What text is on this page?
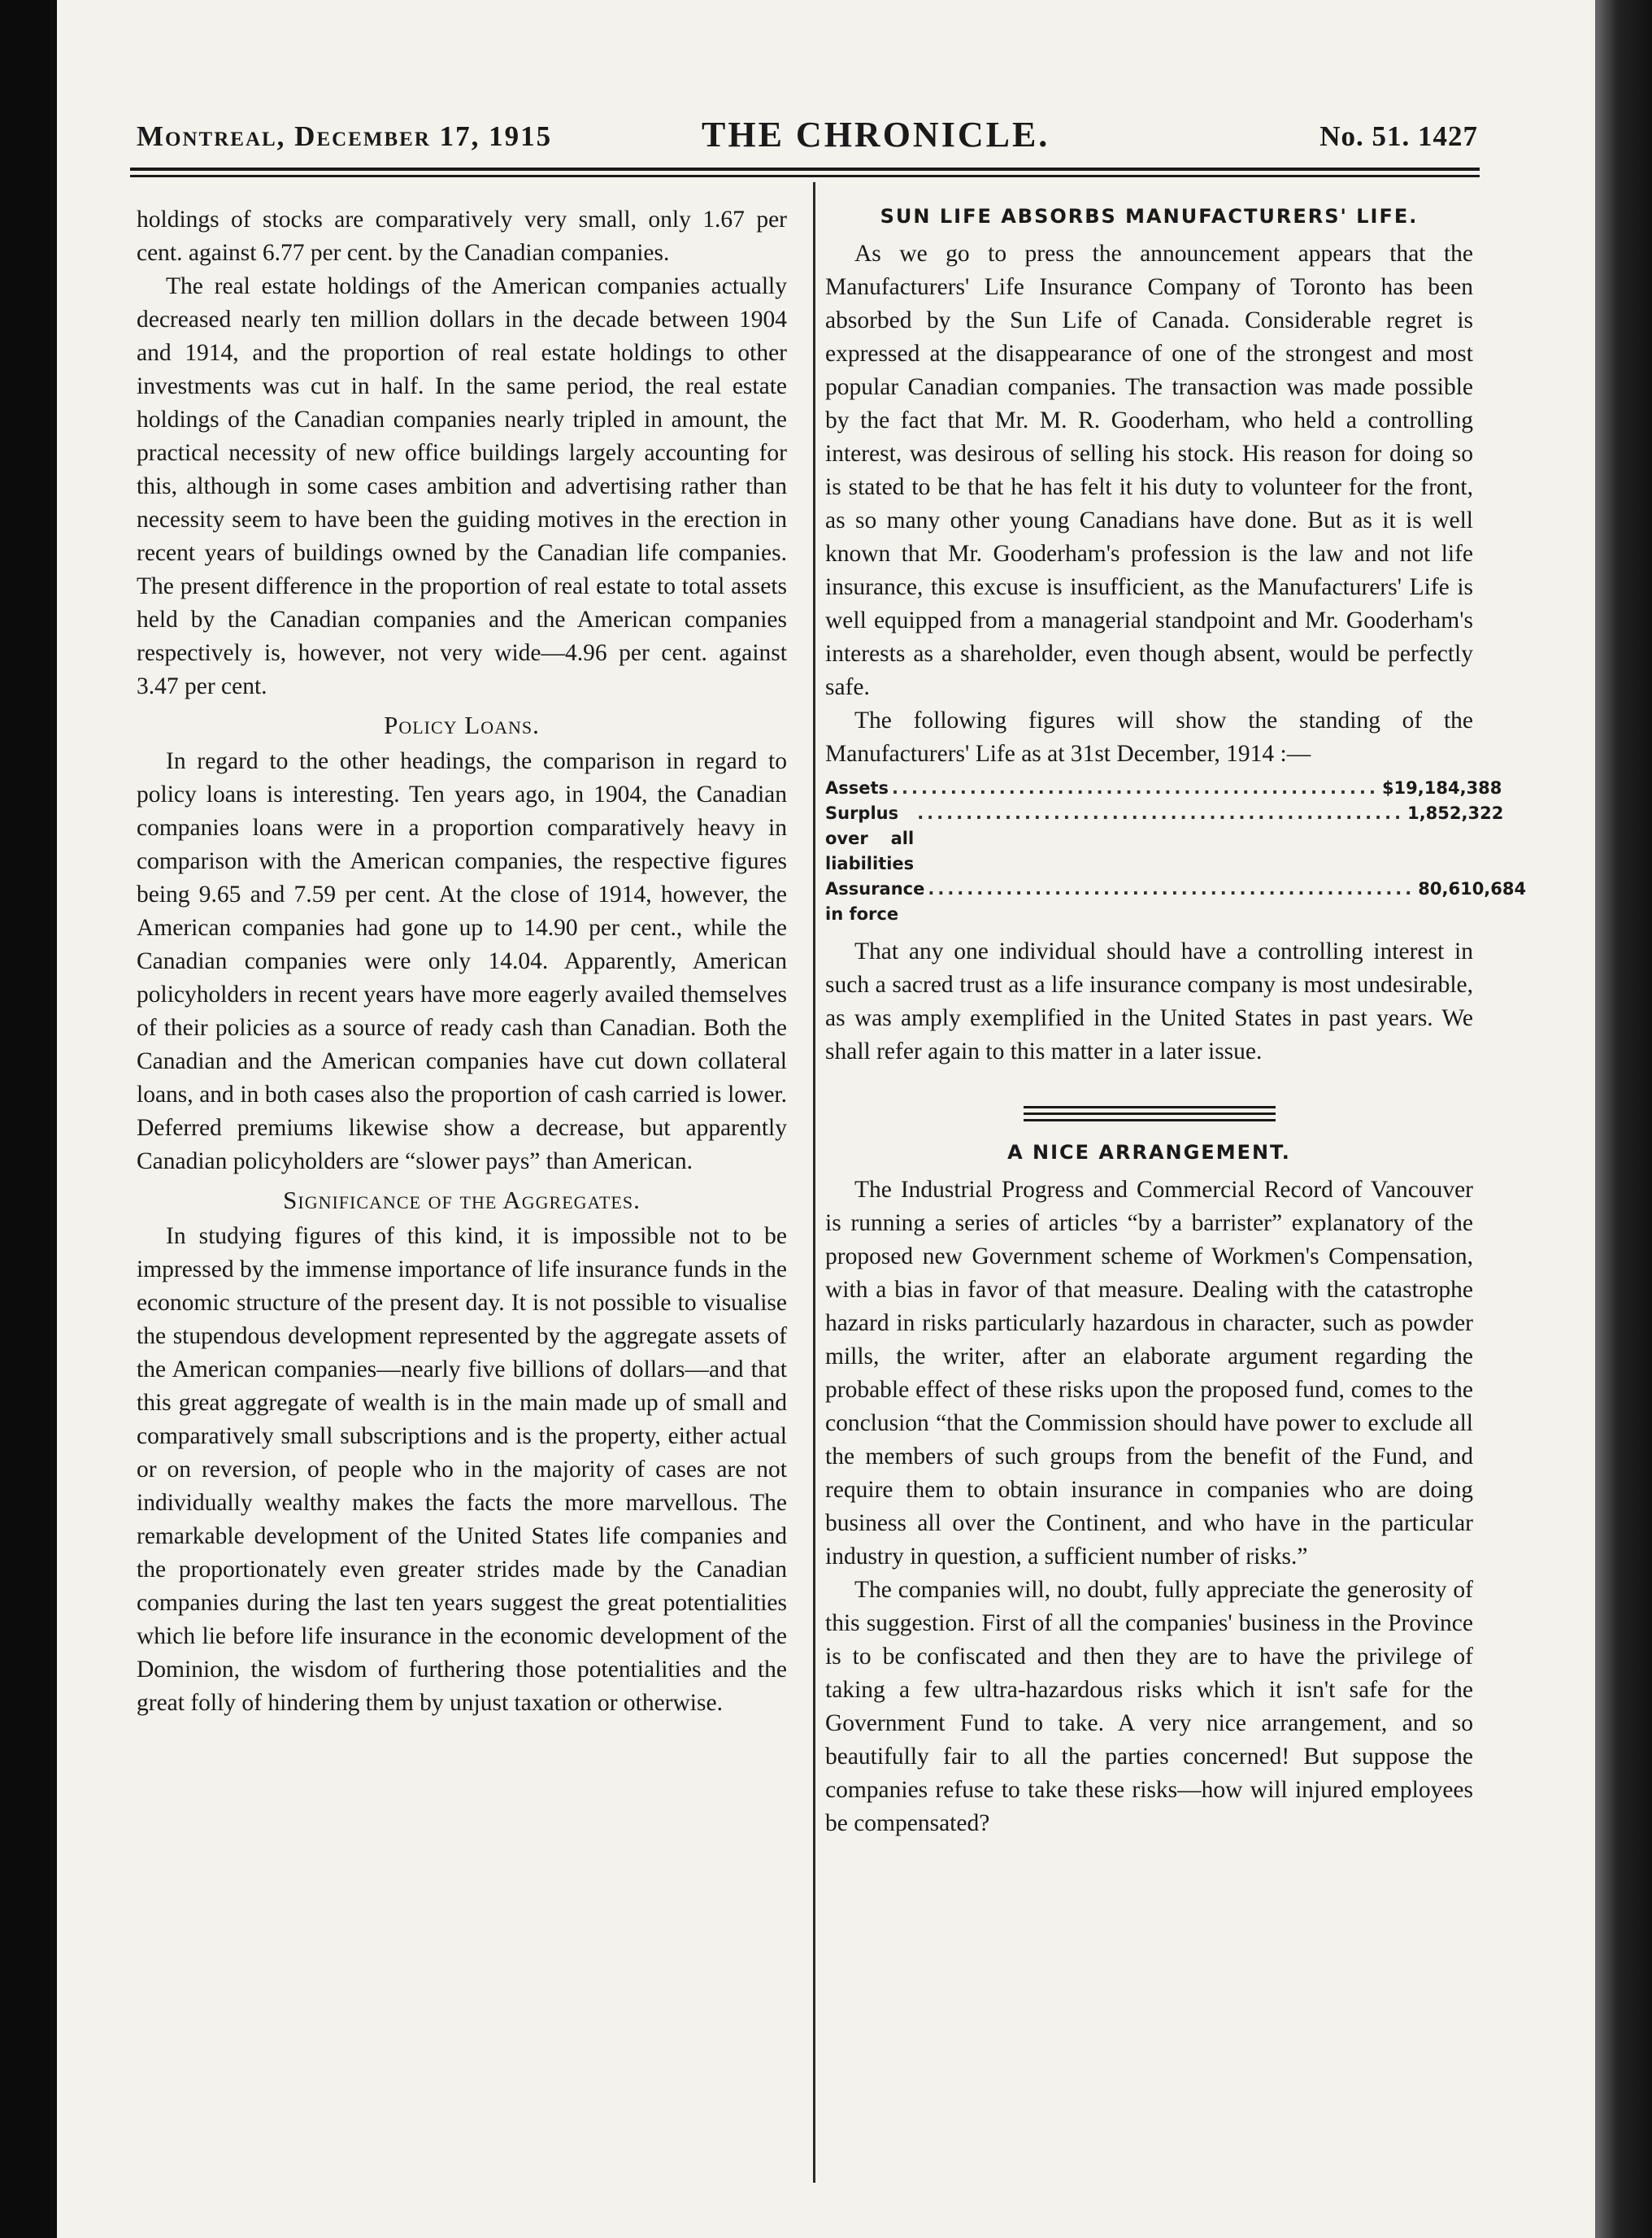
Montreal, December 17, 1915	THE CHRONICLE.	No. 51. 1427

holdings of stocks are comparatively very small, only 1.67 per cent. against 6.77 per cent. by the Canadian companies.

The real estate holdings of the American companies actually decreased nearly ten million dollars in the decade between 1904 and 1914, and the proportion of real estate holdings to other investments was cut in half. In the same period, the real estate holdings of the Canadian companies nearly tripled in amount, the practical necessity of new office buildings largely accounting for this, although in some cases ambition and advertising rather than necessity seem to have been the guiding motives in the erection in recent years of buildings owned by the Canadian life companies. The present difference in the proportion of real estate to total assets held by the Canadian companies and the American companies respectively is, however, not very wide—4.96 per cent. against 3.47 per cent.

Policy Loans.

In regard to the other headings, the comparison in regard to policy loans is interesting. Ten years ago, in 1904, the Canadian companies loans were in a proportion comparatively heavy in comparison with the American companies, the respective figures being 9.65 and 7.59 per cent. At the close of 1914, however, the American companies had gone up to 14.90 per cent., while the Canadian companies were only 14.04. Apparently, American policyholders in recent years have more eagerly availed themselves of their policies as a source of ready cash than Canadian. Both the Canadian and the American companies have cut down collateral loans, and in both cases also the proportion of cash carried is lower. Deferred premiums likewise show a decrease, but apparently Canadian policyholders are “slower pays” than American.

Significance of the Aggregates.

In studying figures of this kind, it is impossible not to be impressed by the immense importance of life insurance funds in the economic structure of the present day. It is not possible to visualise the stupendous development represented by the aggregate assets of the American companies—nearly five billions of dollars—and that this great aggregate of wealth is in the main made up of small and comparatively small subscriptions and is the property, either actual or on reversion, of people who in the majority of cases are not individually wealthy makes the facts the more marvellous. The remarkable development of the United States life companies and the proportionately even greater strides made by the Canadian companies during the last ten years suggest the great potentialities which lie before life insurance in the economic development of the Dominion, the wisdom of furthering those potentialities and the great folly of hindering them by unjust taxation or otherwise.

SUN LIFE ABSORBS MANUFACTURERS' LIFE.

As we go to press the announcement appears that the Manufacturers' Life Insurance Company of Toronto has been absorbed by the Sun Life of Canada. Considerable regret is expressed at the disappearance of one of the strongest and most popular Canadian companies. The transaction was made possible by the fact that Mr. M. R. Gooderham, who held a controlling interest, was desirous of selling his stock. His reason for doing so is stated to be that he has felt it his duty to volunteer for the front, as so many other young Canadians have done. But as it is well known that Mr. Gooderham's profession is the law and not life insurance, this excuse is insufficient, as the Manufacturers' Life is well equipped from a managerial standpoint and Mr. Gooderham's interests as a shareholder, even though absent, would be perfectly safe.

The following figures will show the standing of the Manufacturers' Life as at 31st December, 1914 :—

Assets .................................................. $19,184,388
Surplus over all liabilities
.................................................. 1,852,322
Assurance in force
.................................................. 80,610,684

That any one individual should have a controlling interest in such a sacred trust as a life insurance company is most undesirable, as was amply exemplified in the United States in past years. We shall refer again to this matter in a later issue.

A NICE ARRANGEMENT.

The Industrial Progress and Commercial Record of Vancouver is running a series of articles “by a barrister” explanatory of the proposed new Government scheme of Workmen's Compensation, with a bias in favor of that measure. Dealing with the catastrophe hazard in risks particularly hazardous in character, such as powder mills, the writer, after an elaborate argument regarding the probable effect of these risks upon the proposed fund, comes to the conclusion “that the Commission should have power to exclude all the members of such groups from the benefit of the Fund, and require them to obtain insurance in companies who are doing business all over the Continent, and who have in the particular industry in question, a sufficient number of risks.”

The companies will, no doubt, fully appreciate the generosity of this suggestion. First of all the companies' business in the Province is to be confiscated and then they are to have the privilege of taking a few ultra-hazardous risks which it isn't safe for the Government Fund to take. A very nice arrangement, and so beautifully fair to all the parties concerned! But suppose the companies refuse to take these risks—how will injured employees be compensated?
